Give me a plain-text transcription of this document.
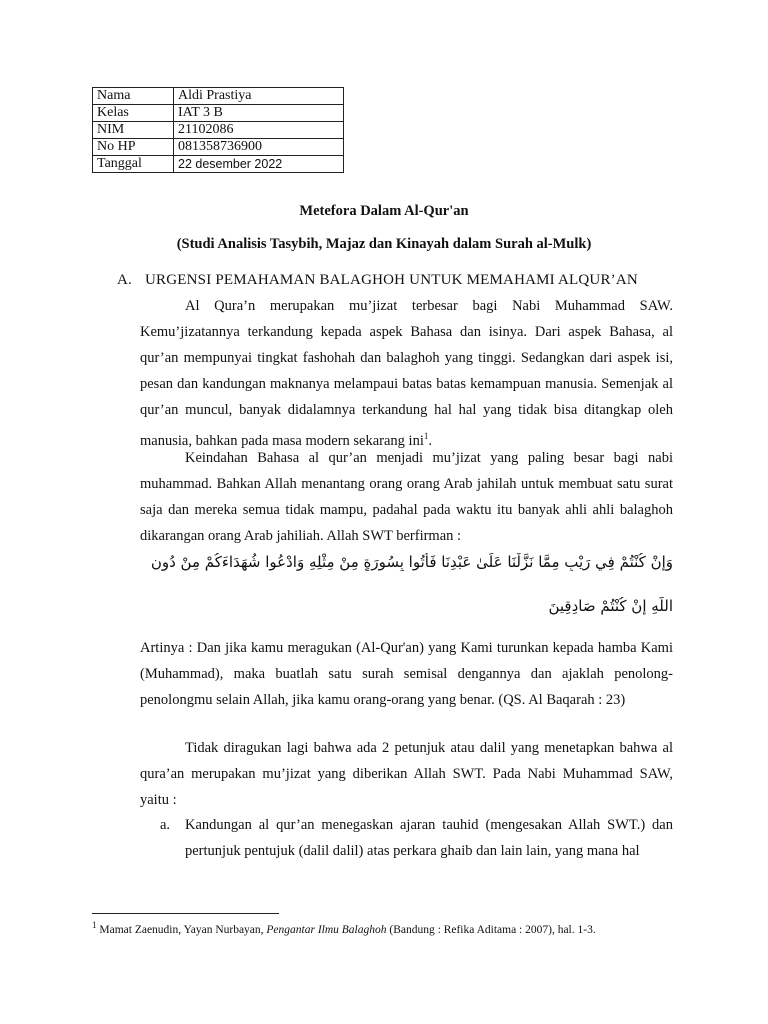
Nama	Aldi Prastiya
Kelas	IAT 3 B
NIM	21102086
No HP	081358736900
Tanggal	22 desember 2022
Metefora Dalam Al-Qur'an
(Studi Analisis Tasybih, Majaz dan Kinayah dalam Surah al-Mulk)
A. URGENSI PEMAHAMAN BALAGHOH UNTUK MEMAHAMI ALQUR’AN
Al Qura’n merupakan mu’jizat terbesar bagi Nabi Muhammad SAW. Kemu’jizatannya terkandung kepada aspek Bahasa dan isinya. Dari aspek Bahasa, al qur’an mempunyai tingkat fashohah dan balaghoh yang tinggi. Sedangkan dari aspek isi, pesan dan kandungan maknanya melampaui batas batas kemampuan manusia. Semenjak al qur’an muncul, banyak didalamnya terkandung hal hal yang tidak bisa ditangkap oleh manusia, bahkan pada masa modern sekarang ini$^1$.
Keindahan Bahasa al qur’an menjadi mu’jizat yang paling besar bagi nabi muhammad. Bahkan Allah menantang orang orang Arab jahilah untuk membuat satu surat saja dan mereka semua tidak mampu, padahal pada waktu itu banyak ahli ahli balaghoh dikarangan orang Arab jahiliah. Allah SWT berfirman :
وَإِنْ كُنْتُمْ فِي رَيْبٍ مِمَّا نَزَّلْنَا عَلَىٰ عَبْدِنَا فَأْتُوا بِسُورَةٍ مِنْ مِثْلِهِ وَادْعُوا شُهَدَاءَكُمْ مِنْ دُونِ
اللَّهِ إِنْ كُنْتُمْ صَادِقِينَ
Artinya : Dan jika kamu meragukan (Al-Qur'an) yang Kami turunkan kepada hamba Kami (Muhammad), maka buatlah satu surah semisal dengannya dan ajaklah penolong-penolongmu selain Allah, jika kamu orang-orang yang benar. (QS. Al Baqarah : 23)
Tidak diragukan lagi bahwa ada 2 petunjuk atau dalil yang menetapkan bahwa al qura’an merupakan mu’jizat yang diberikan Allah SWT. Pada Nabi Muhammad SAW, yaitu :
a. Kandungan al qur’an menegaskan ajaran tauhid (mengesakan Allah SWT.) dan pertunjuk pentujuk (dalil dalil) atas perkara ghaib dan lain lain, yang mana hal
$^1$ Mamat Zaenudin, Yayan Nurbayan, Pengantar Ilmu Balaghoh (Bandung : Refika Aditama : 2007), hal. 1-3.
